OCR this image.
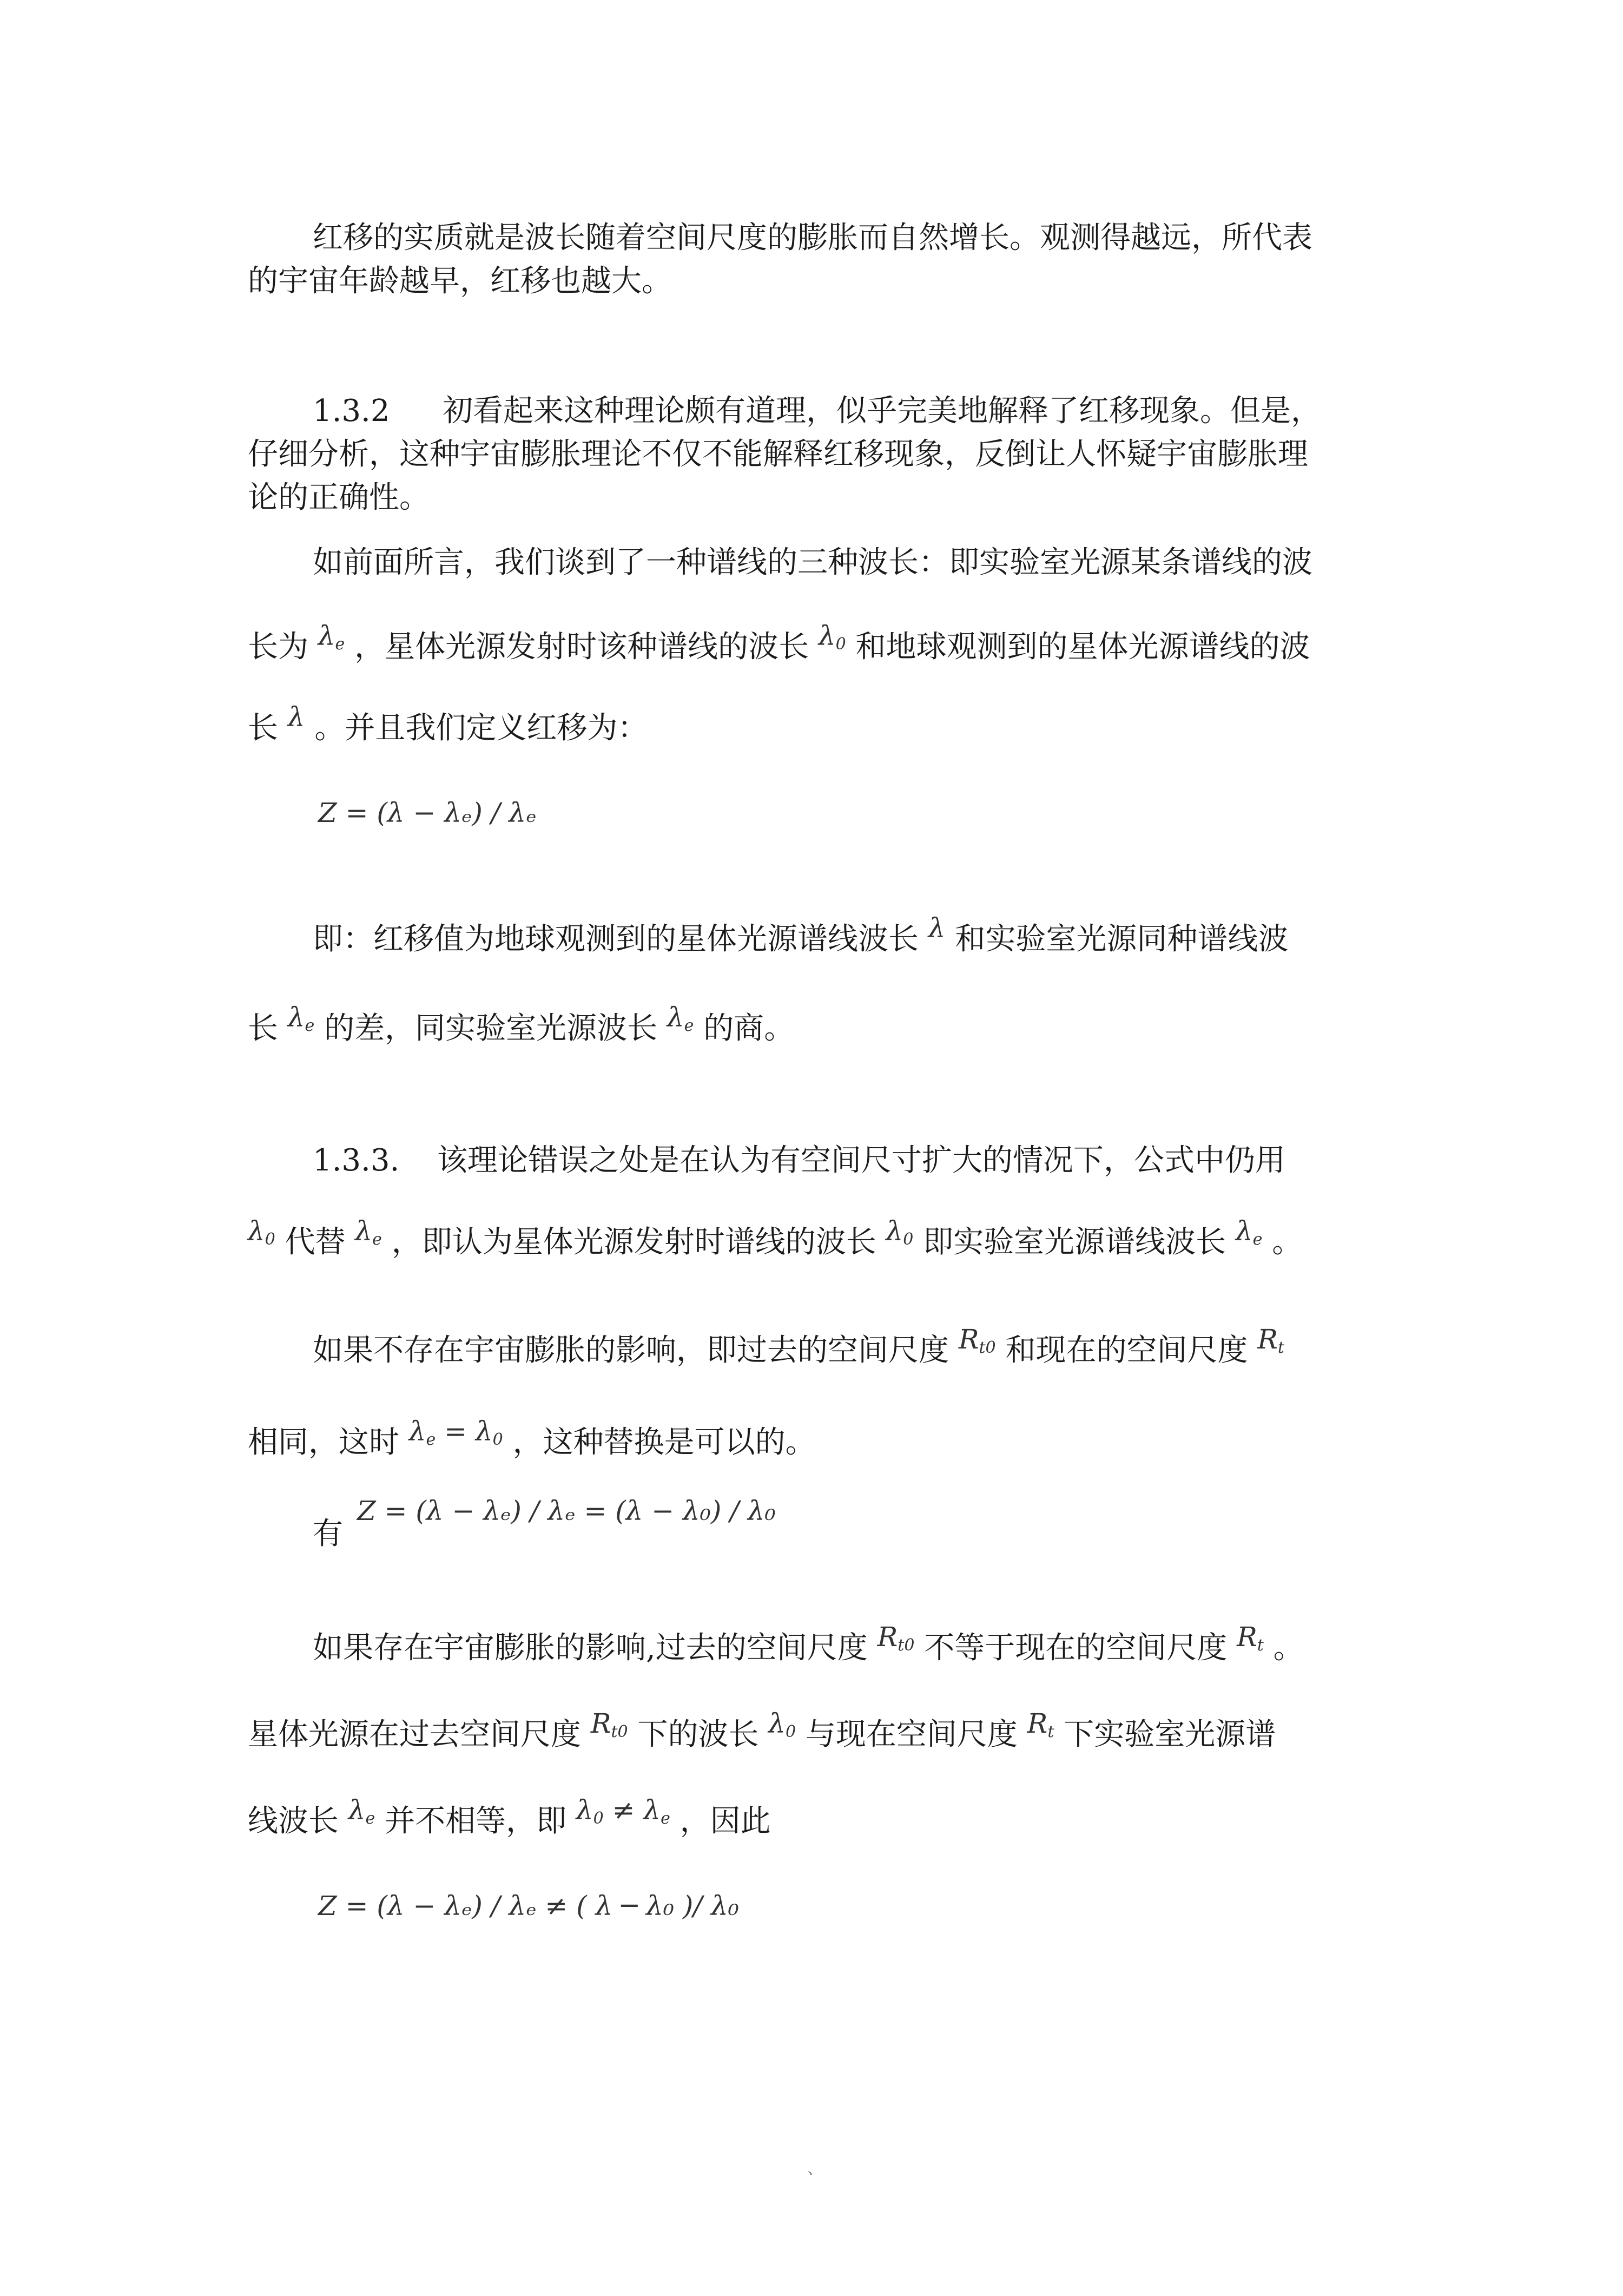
红移的实质就是波长随着空间尺度的膨胀而自然增长。观测得越远，所代表
的宇宙年龄越早，红移也越大。
1.3.2 初看起来这种理论颇有道理，似乎完美地解释了红移现象。但是，
仔细分析，这种宇宙膨胀理论不仅不能解释红移现象，反倒让人怀疑宇宙膨胀理
论的正确性。
如前面所言，我们谈到了一种谱线的三种波长：即实验室光源某条谱线的波
长为 $\lambda_e$ ，星体光源发射时该种谱线的波长 $\lambda_0$ 和地球观测到的星体光源谱线的波
长 λ 。并且我们定义红移为：
Z = (λ − λₑ) / λₑ
即：红移值为地球观测到的星体光源谱线波长 λ 和实验室光源同种谱线波
长 $\lambda_e$ 的差，同实验室光源波长 $\lambda_e$ 的商。
1.3.3. 该理论错误之处是在认为有空间尺寸扩大的情况下，公式中仍用
$\lambda_0$ 代替 $\lambda_e$ ，即认为星体光源发射时谱线的波长 $\lambda_0$ 即实验室光源谱线波长 $\lambda_e$ 。
如果不存在宇宙膨胀的影响，即过去的空间尺度 $R_{t0}$ 和现在的空间尺度 $R_t$
相同，这时 $\lambda_e = \lambda_0$ ，这种替换是可以的。
有
Z = (λ − λₑ) / λₑ = (λ − λ₀) / λ₀
如果存在宇宙膨胀的影响,过去的空间尺度 $R_{t0}$ 不等于现在的空间尺度 $R_t$ 。
星体光源在过去空间尺度 $R_{t0}$ 下的波长 $\lambda_0$ 与现在空间尺度 $R_t$ 下实验室光源谱
线波长 $\lambda_e$ 并不相等，即 $\lambda_0 \ne \lambda_e$ ，因此
Z = (λ − λₑ) / λₑ ≠ ( λ ─ λ₀ )/ λ₀
、
